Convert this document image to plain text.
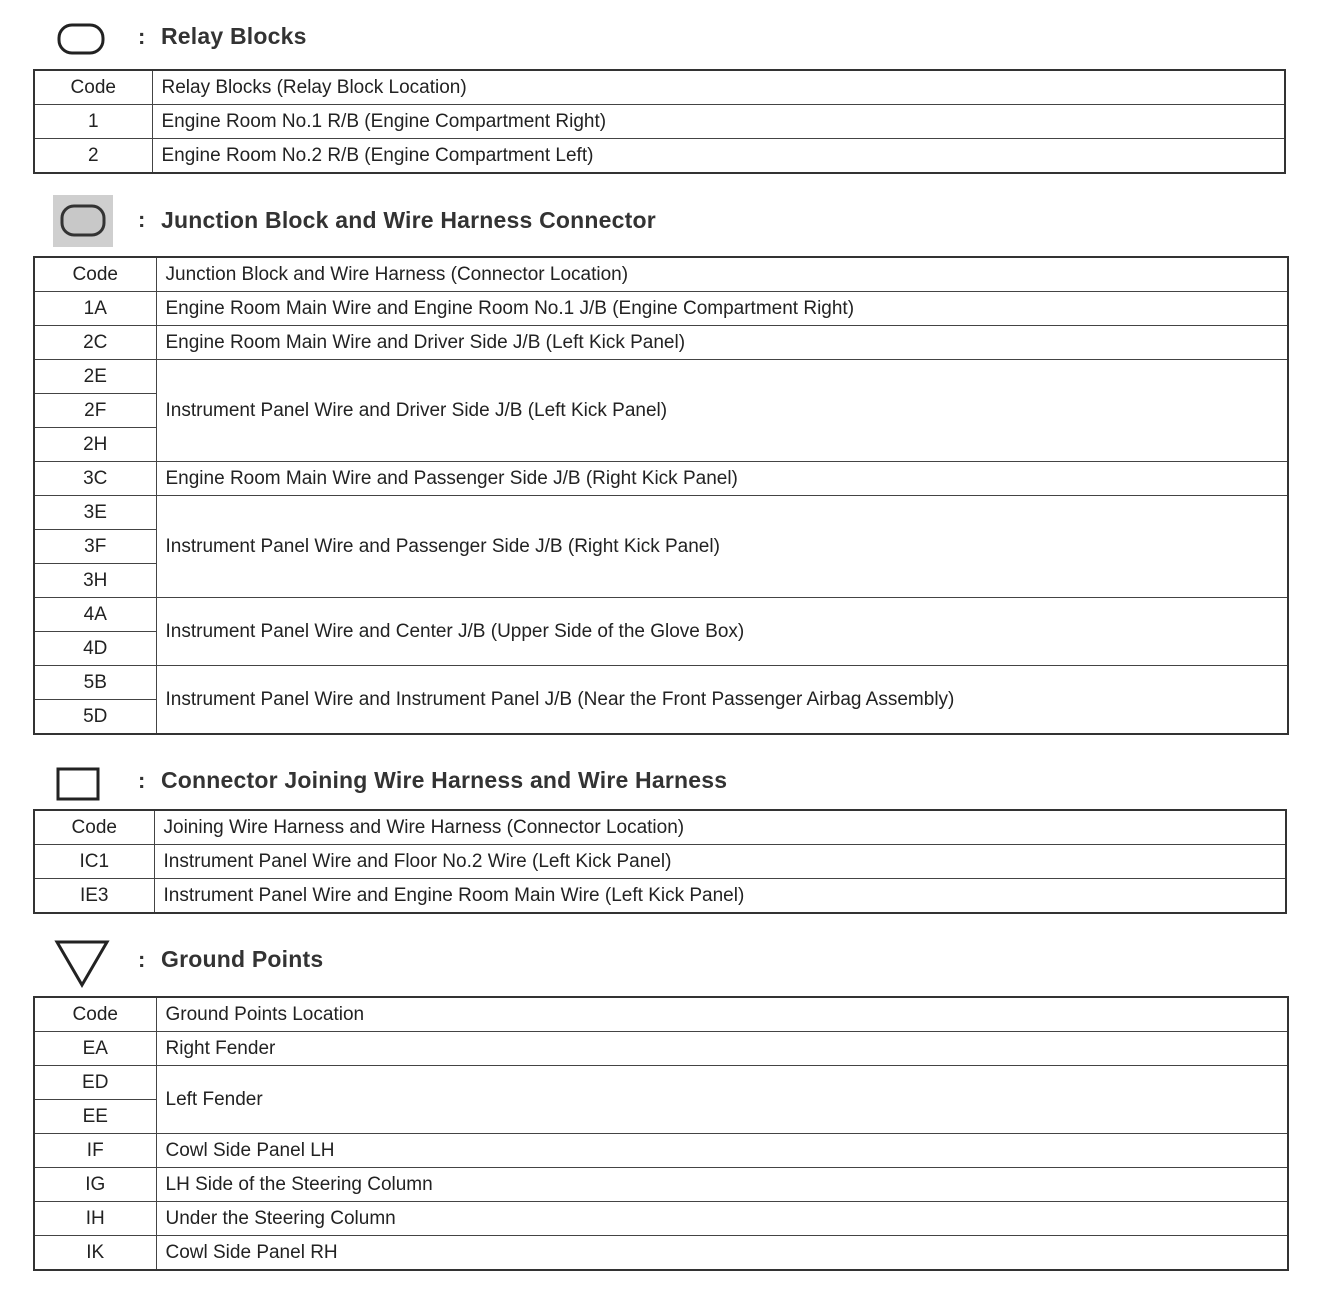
: Relay Blocks
Code	Relay Blocks (Relay Block Location)
1	Engine Room No.1 R/B (Engine Compartment Right)
2	Engine Room No.2 R/B (Engine Compartment Left)
: Junction Block and Wire Harness Connector
Code	Junction Block and Wire Harness (Connector Location)
1A	Engine Room Main Wire and Engine Room No.1 J/B (Engine Compartment Right)
2C	Engine Room Main Wire and Driver Side J/B (Left Kick Panel)
2E	Instrument Panel Wire and Driver Side J/B (Left Kick Panel)
2F	
2H	
3C	Engine Room Main Wire and Passenger Side J/B (Right Kick Panel)
3E	Instrument Panel Wire and Passenger Side J/B (Right Kick Panel)
3F	
3H	
4A	Instrument Panel Wire and Center J/B (Upper Side of the Glove Box)
4D	
5B	Instrument Panel Wire and Instrument Panel J/B (Near the Front Passenger Airbag Assembly)
5D	
: Connector Joining Wire Harness and Wire Harness
Code	Joining Wire Harness and Wire Harness (Connector Location)
IC1	Instrument Panel Wire and Floor No.2 Wire (Left Kick Panel)
IE3	Instrument Panel Wire and Engine Room Main Wire (Left Kick Panel)
: Ground Points
Code	Ground Points Location
EA	Right Fender
ED	Left Fender
EE	
IF	Cowl Side Panel LH
IG	LH Side of the Steering Column
IH	Under the Steering Column
IK	Cowl Side Panel RH
